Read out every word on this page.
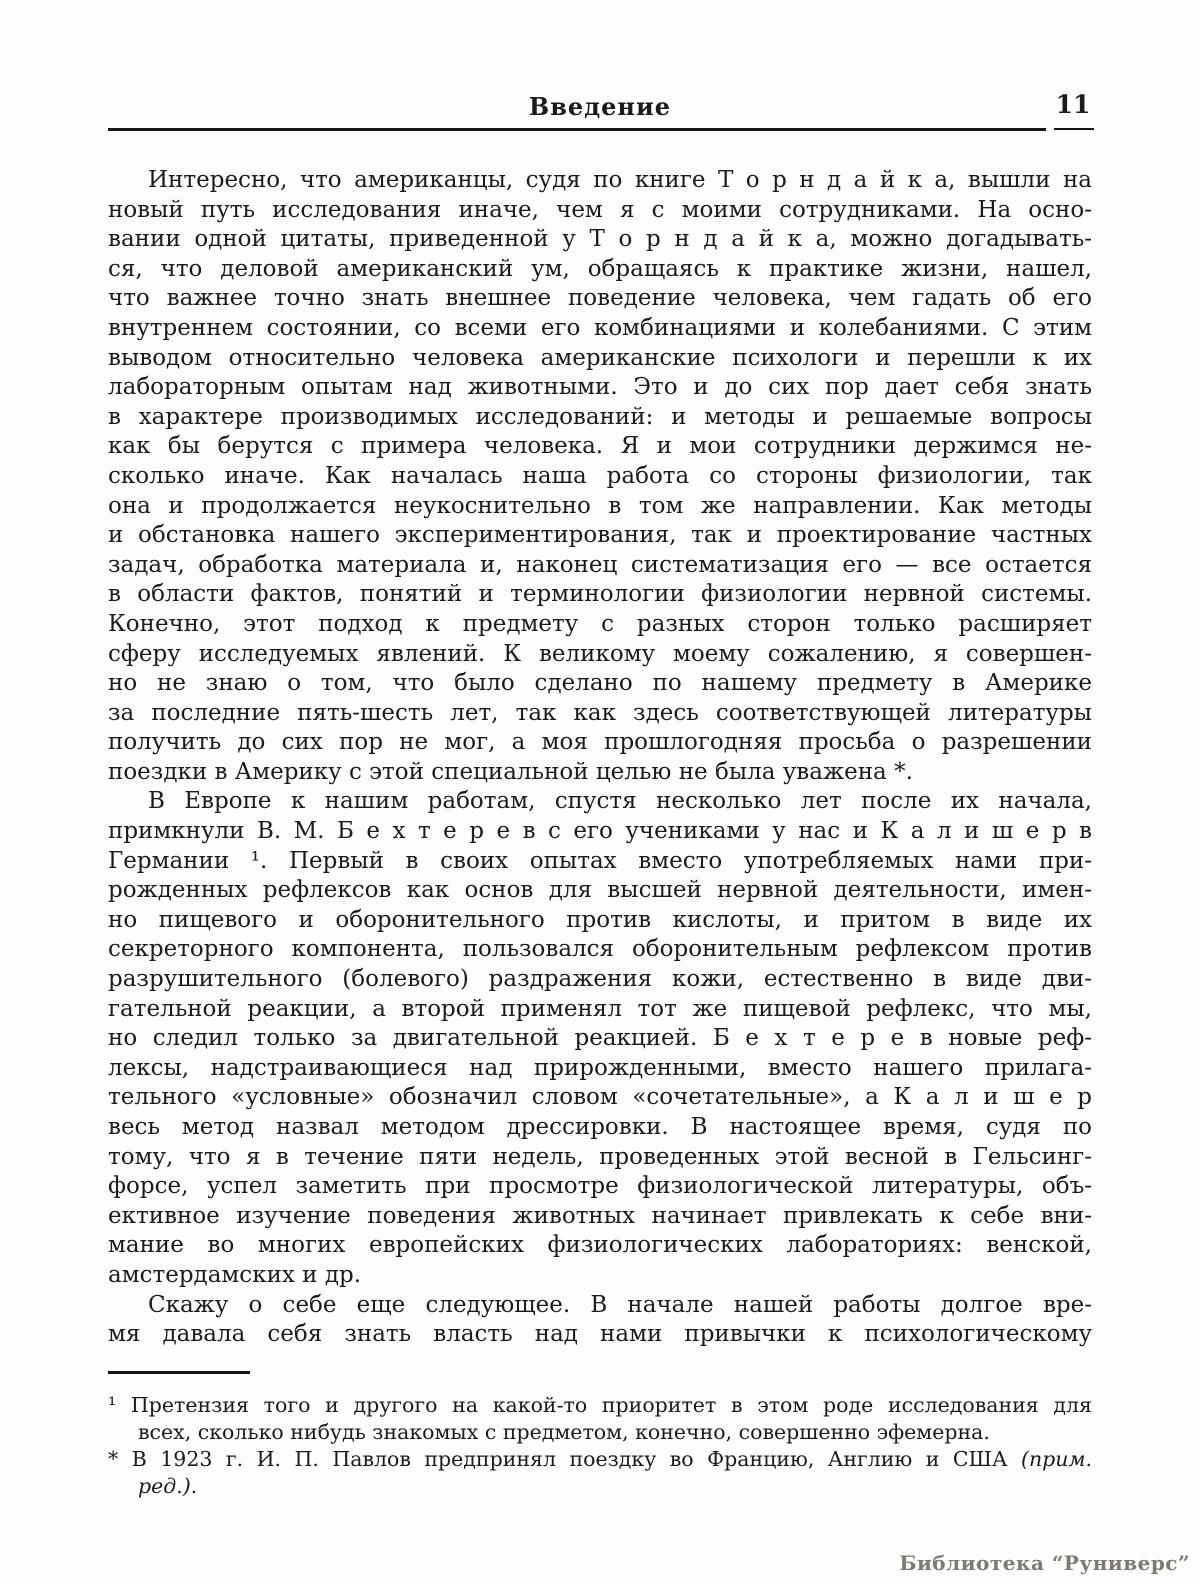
Введение	11
Интересно, что американцы, судя по книге Т о р н д а й к а, вышли на
новый путь исследования иначе, чем я с моими сотрудниками. На осно-
вании одной цитаты, приведенной у Т о р н д а й к а, можно догадывать-
ся, что деловой американский ум, обращаясь к практике жизни, нашел,
что важнее точно знать внешнее поведение человека, чем гадать об его
внутреннем состоянии, со всеми его комбинациями и колебаниями. С этим
выводом относительно человека американские психологи и перешли к их
лабораторным опытам над животными. Это и до сих пор дает себя знать
в характере производимых исследований: и методы и решаемые вопросы
как бы берутся с примера человека. Я и мои сотрудники держимся не-
сколько иначе. Как началась наша работа со стороны физиологии, так
она и продолжается неукоснительно в том же направлении. Как методы
и обстановка нашего экспериментирования, так и проектирование частных
задач, обработка материала и, наконец систематизация его — все остается
в области фактов, понятий и терминологии физиологии нервной системы.
Конечно, этот подход к предмету с разных сторон только расширяет
сферу исследуемых явлений. К великому моему сожалению, я совершен-
но не знаю о том, что было сделано по нашему предмету в Америке
за последние пять-шесть лет, так как здесь соответствующей литературы
получить до сих пор не мог, а моя прошлогодняя просьба о разрешении
поездки в Америку с этой специальной целью не была уважена *.
В Европе к нашим работам, спустя несколько лет после их начала,
примкнули В. М. Б е х т е р е в с его учениками у нас и К а л и ш е р в
Германии ¹. Первый в своих опытах вместо употребляемых нами при-
рожденных рефлексов как основ для высшей нервной деятельности, имен-
но пищевого и оборонительного против кислоты, и притом в виде их
секреторного компонента, пользовался оборонительным рефлексом против
разрушительного (болевого) раздражения кожи, естественно в виде дви-
гательной реакции, а второй применял тот же пищевой рефлекс, что мы,
но следил только за двигательной реакцией. Б е х т е р е в новые реф-
лексы, надстраивающиеся над прирожденными, вместо нашего прилага-
тельного «условные» обозначил словом «сочетательные», а К а л и ш е р
весь метод назвал методом дрессировки. В настоящее время, судя по
тому, что я в течение пяти недель, проведенных этой весной в Гельсинг-
форсе, успел заметить при просмотре физиологической литературы, объ-
ективное изучение поведения животных начинает привлекать к себе вни-
мание во многих европейских физиологических лабораториях: венской,
амстердамских и др.
Скажу о себе еще следующее. В начале нашей работы долгое вре-
мя давала себя знать власть над нами привычки к психологическому
¹ Претензия того и другого на какой-то приоритет в этом роде исследования для
всех, сколько нибудь знакомых с предметом, конечно, совершенно эфемерна.
* В 1923 г. И. П. Павлов предпринял поездку во Францию, Англию и США (прим.
ред.).
Библиотека “Руниверс”
